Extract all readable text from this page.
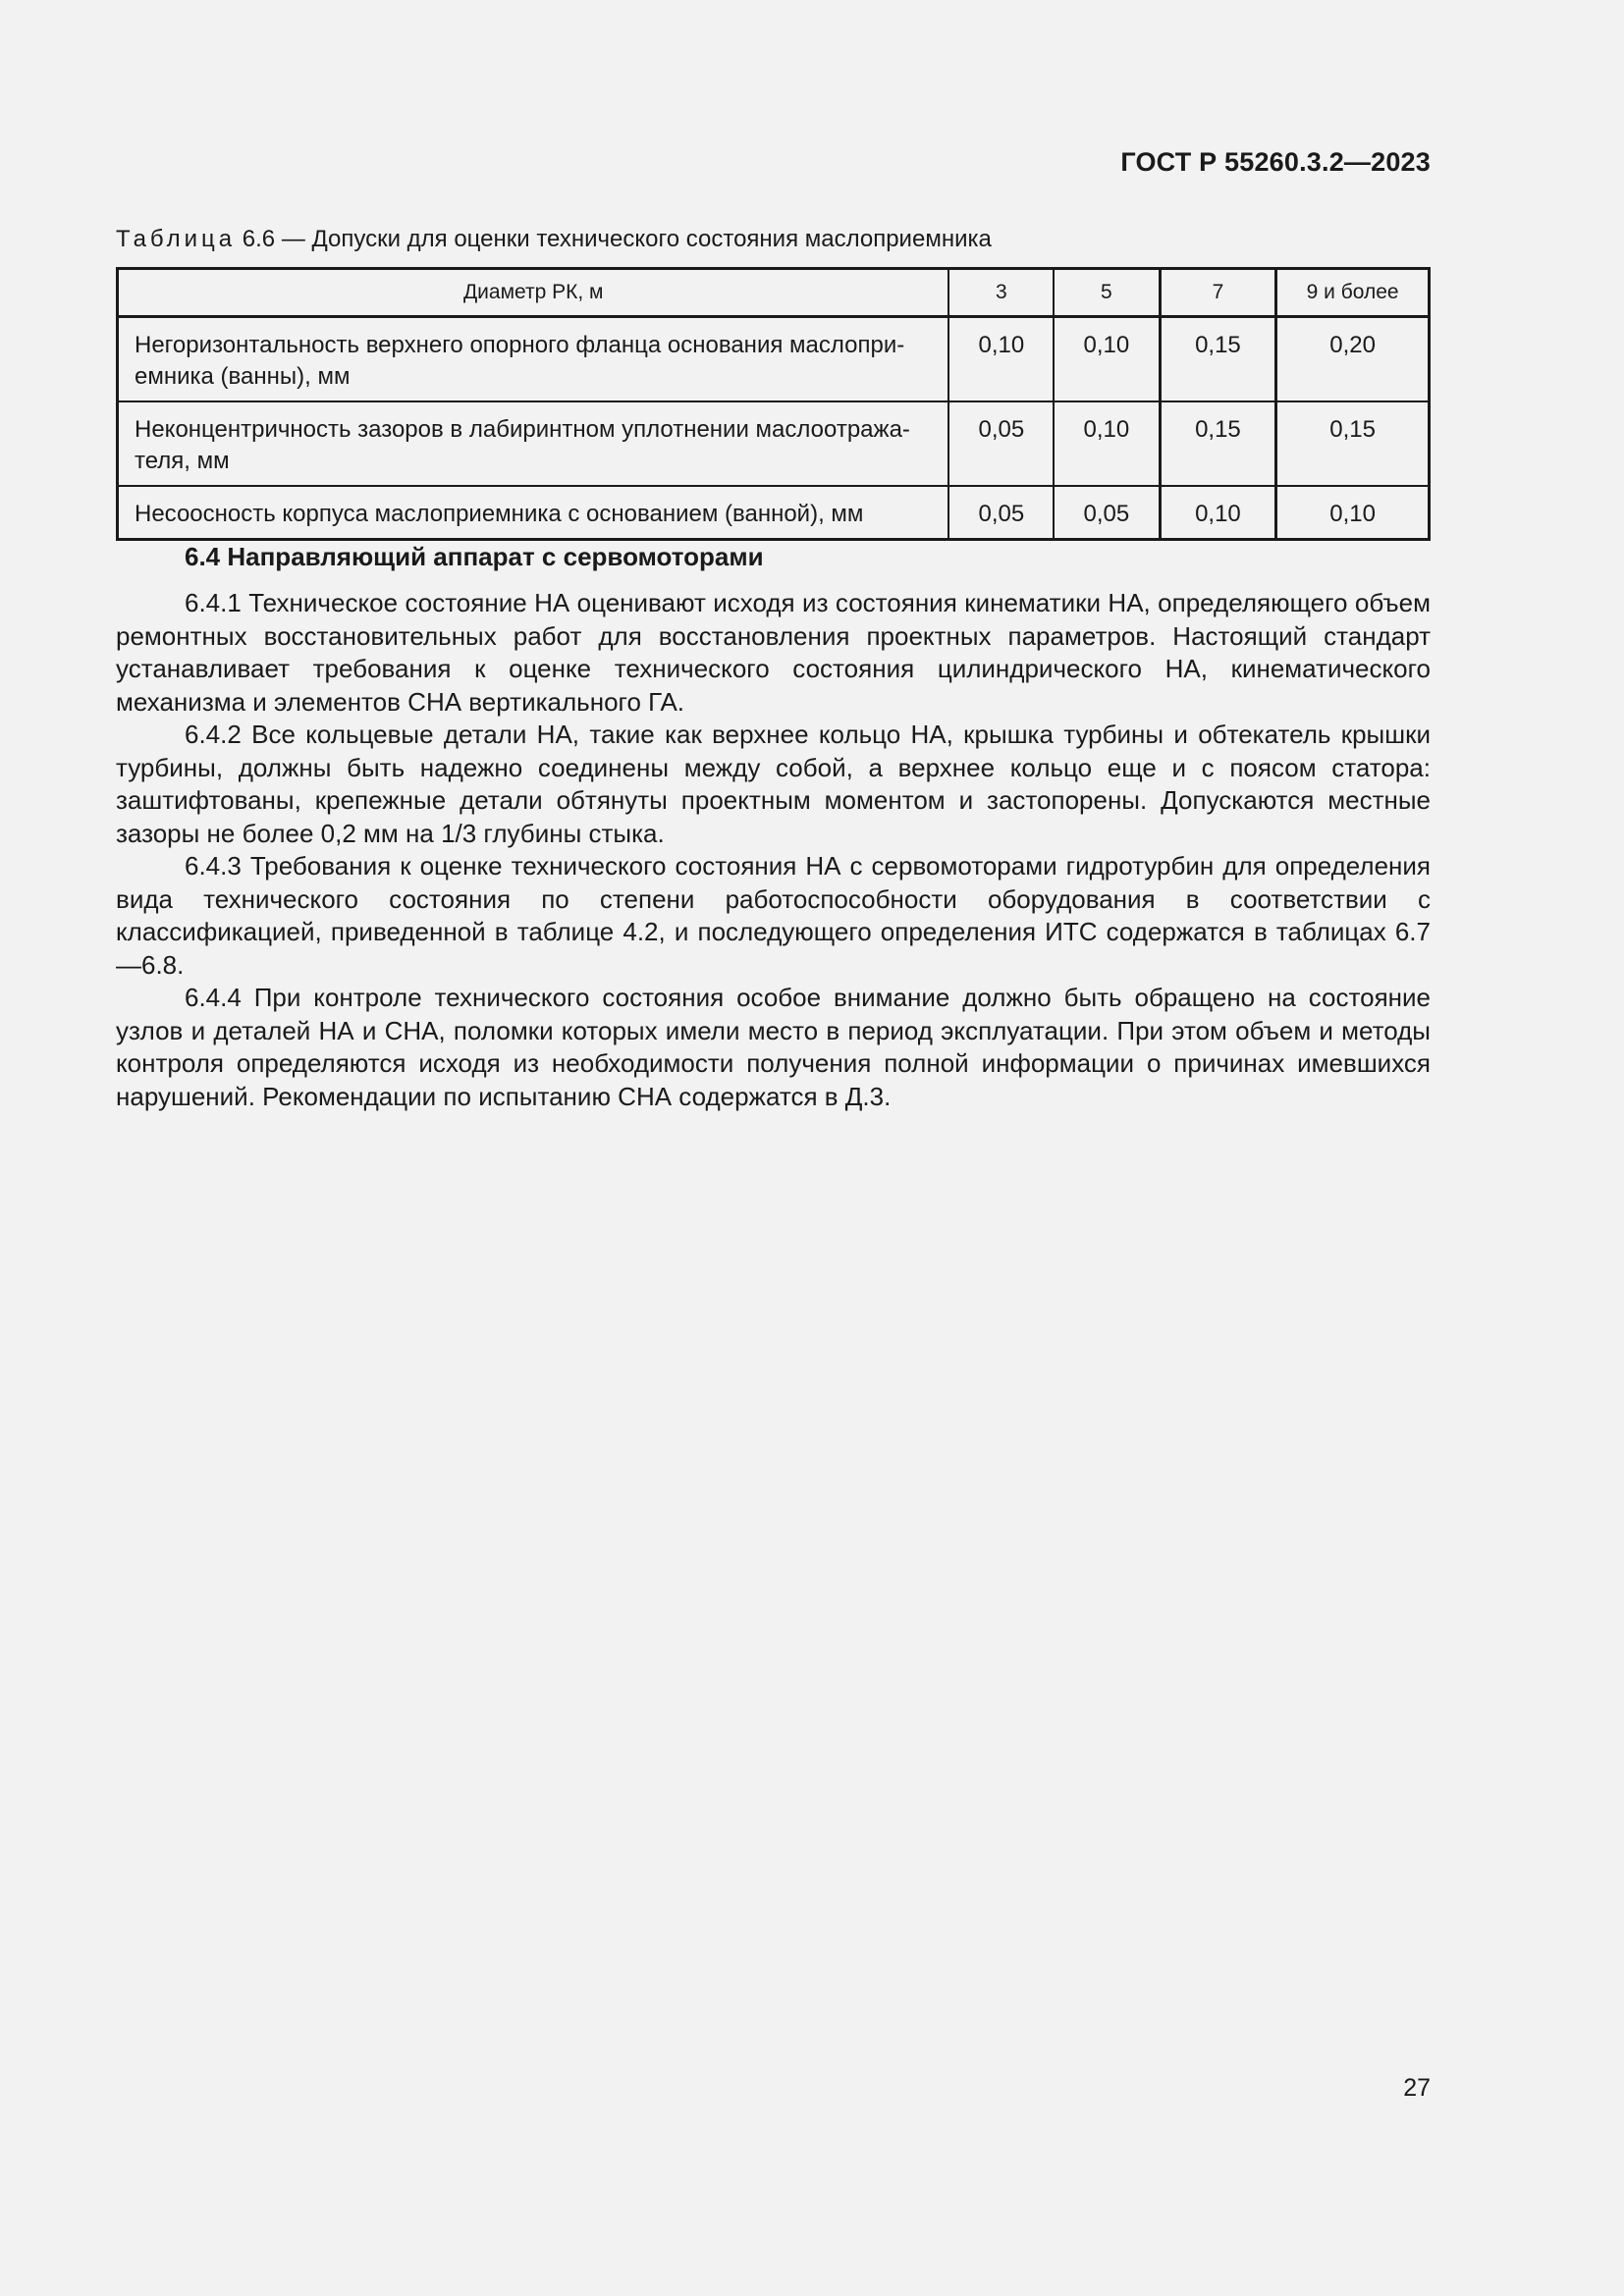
ГОСТ Р 55260.3.2—2023
Таблица 6.6 — Допуски для оценки технического состояния маслоприемника
Диаметр РК, м	3	5	7	9 и более
Негоризонтальность верхнего опорного фланца основания маслопри-емника (ванны), мм	0,10	0,10	0,15	0,20
Неконцентричность зазоров в лабиринтном уплотнении маслоотража-теля, мм	0,05	0,10	0,15	0,15
Несоосность корпуса маслоприемника с основанием (ванной), мм	0,05	0,05	0,10	0,10
6.4 Направляющий аппарат с сервомоторами

6.4.1 Техническое состояние НА оценивают исходя из состояния кинематики НА, определяющего объем ремонтных восстановительных работ для восстановления проектных параметров. Настоящий стандарт устанавливает требования к оценке технического состояния цилиндрического НА, кинематического механизма и элементов СНА вертикального ГА.

6.4.2 Все кольцевые детали НА, такие как верхнее кольцо НА, крышка турбины и обтекатель крышки турбины, должны быть надежно соединены между собой, а верхнее кольцо еще и с поясом статора: заштифтованы, крепежные детали обтянуты проектным моментом и застопорены. Допускаются местные зазоры не более 0,2 мм на 1/3 глубины стыка.

6.4.3 Требования к оценке технического состояния НА с сервомоторами гидротурбин для определения вида технического состояния по степени работоспособности оборудования в соответствии с классификацией, приведенной в таблице 4.2, и последующего определения ИТС содержатся в таблицах 6.7—6.8.

6.4.4 При контроле технического состояния особое внимание должно быть обращено на состояние узлов и деталей НА и СНА, поломки которых имели место в период эксплуатации. При этом объем и методы контроля определяются исходя из необходимости получения полной информации о причинах имевшихся нарушений. Рекомендации по испытанию СНА содержатся в Д.3.

27
